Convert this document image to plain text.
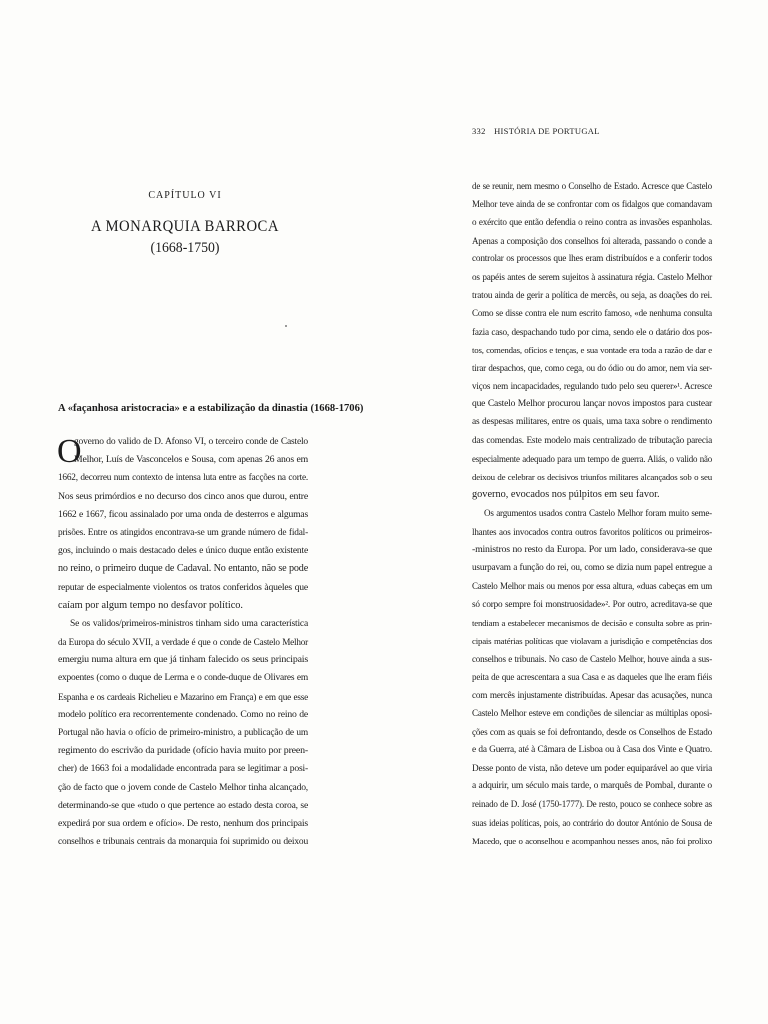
CAPÍTULO VI
A MONARQUIA BARROCA
(1668-1750)
A «façanhosa aristocracia» e a estabilização da dinastia (1668-1706)
O
governo do valido de D. Afonso VI, o terceiro conde de Castelo
Melhor, Luís de Vasconcelos e Sousa, com apenas 26 anos em
1662, decorreu num contexto de intensa luta entre as facções na corte.
Nos seus primórdios e no decurso dos cinco anos que durou, entre
1662 e 1667, ficou assinalado por uma onda de desterros e algumas
prisões. Entre os atingidos encontrava-se um grande número de fidal-
gos, incluindo o mais destacado deles e único duque então existente
no reino, o primeiro duque de Cadaval. No entanto, não se pode
reputar de especialmente violentos os tratos conferidos àqueles que
caíam por algum tempo no desfavor político.
Se os validos/primeiros-ministros tinham sido uma característica
da Europa do século XVII, a verdade é que o conde de Castelo Melhor
emergiu numa altura em que já tinham falecido os seus principais
expoentes (como o duque de Lerma e o conde-duque de Olivares em
Espanha e os cardeais Richelieu e Mazarino em França) e em que esse
modelo político era recorrentemente condenado. Como no reino de
Portugal não havia o ofício de primeiro-ministro, a publicação de um
regimento do escrivão da puridade (ofício havia muito por preen-
cher) de 1663 foi a modalidade encontrada para se legitimar a posi-
ção de facto que o jovem conde de Castelo Melhor tinha alcançado,
determinando-se que «tudo o que pertence ao estado desta coroa, se
expedirá por sua ordem e ofício». De resto, nenhum dos principais
conselhos e tribunais centrais da monarquia foi suprimido ou deixou
332 HISTÓRIA DE PORTUGAL
de se reunir, nem mesmo o Conselho de Estado. Acresce que Castelo
Melhor teve ainda de se confrontar com os fidalgos que comandavam
o exército que então defendia o reino contra as invasões espanholas.
Apenas a composição dos conselhos foi alterada, passando o conde a
controlar os processos que lhes eram distribuídos e a conferir todos
os papéis antes de serem sujeitos à assinatura régia. Castelo Melhor
tratou ainda de gerir a política de mercês, ou seja, as doações do rei.
Como se disse contra ele num escrito famoso, «de nenhuma consulta
fazia caso, despachando tudo por cima, sendo ele o datário dos pos-
tos, comendas, ofícios e tenças, e sua vontade era toda a razão de dar e
tirar despachos, que, como cega, ou do ódio ou do amor, nem via ser-
viços nem incapacidades, regulando tudo pelo seu querer»¹. Acresce
que Castelo Melhor procurou lançar novos impostos para custear
as despesas militares, entre os quais, uma taxa sobre o rendimento
das comendas. Este modelo mais centralizado de tributação parecia
especialmente adequado para um tempo de guerra. Aliás, o valido não
deixou de celebrar os decisivos triunfos militares alcançados sob o seu
governo, evocados nos púlpitos em seu favor.
Os argumentos usados contra Castelo Melhor foram muito seme-
lhantes aos invocados contra outros favoritos políticos ou primeiros-
-ministros no resto da Europa. Por um lado, considerava-se que
usurpavam a função do rei, ou, como se dizia num papel entregue a
Castelo Melhor mais ou menos por essa altura, «duas cabeças em um
só corpo sempre foi monstruosidade»². Por outro, acreditava-se que
tendiam a estabelecer mecanismos de decisão e consulta sobre as prin-
cipais matérias políticas que violavam a jurisdição e competências dos
conselhos e tribunais. No caso de Castelo Melhor, houve ainda a sus-
peita de que acrescentara a sua Casa e as daqueles que lhe eram fiéis
com mercês injustamente distribuídas. Apesar das acusações, nunca
Castelo Melhor esteve em condições de silenciar as múltiplas oposi-
ções com as quais se foi defrontando, desde os Conselhos de Estado
e da Guerra, até à Câmara de Lisboa ou à Casa dos Vinte e Quatro.
Desse ponto de vista, não deteve um poder equiparável ao que viria
a adquirir, um século mais tarde, o marquês de Pombal, durante o
reinado de D. José (1750-1777). De resto, pouco se conhece sobre as
suas ideias políticas, pois, ao contrário do doutor António de Sousa de
Macedo, que o aconselhou e acompanhou nesses anos, não foi prolixo
